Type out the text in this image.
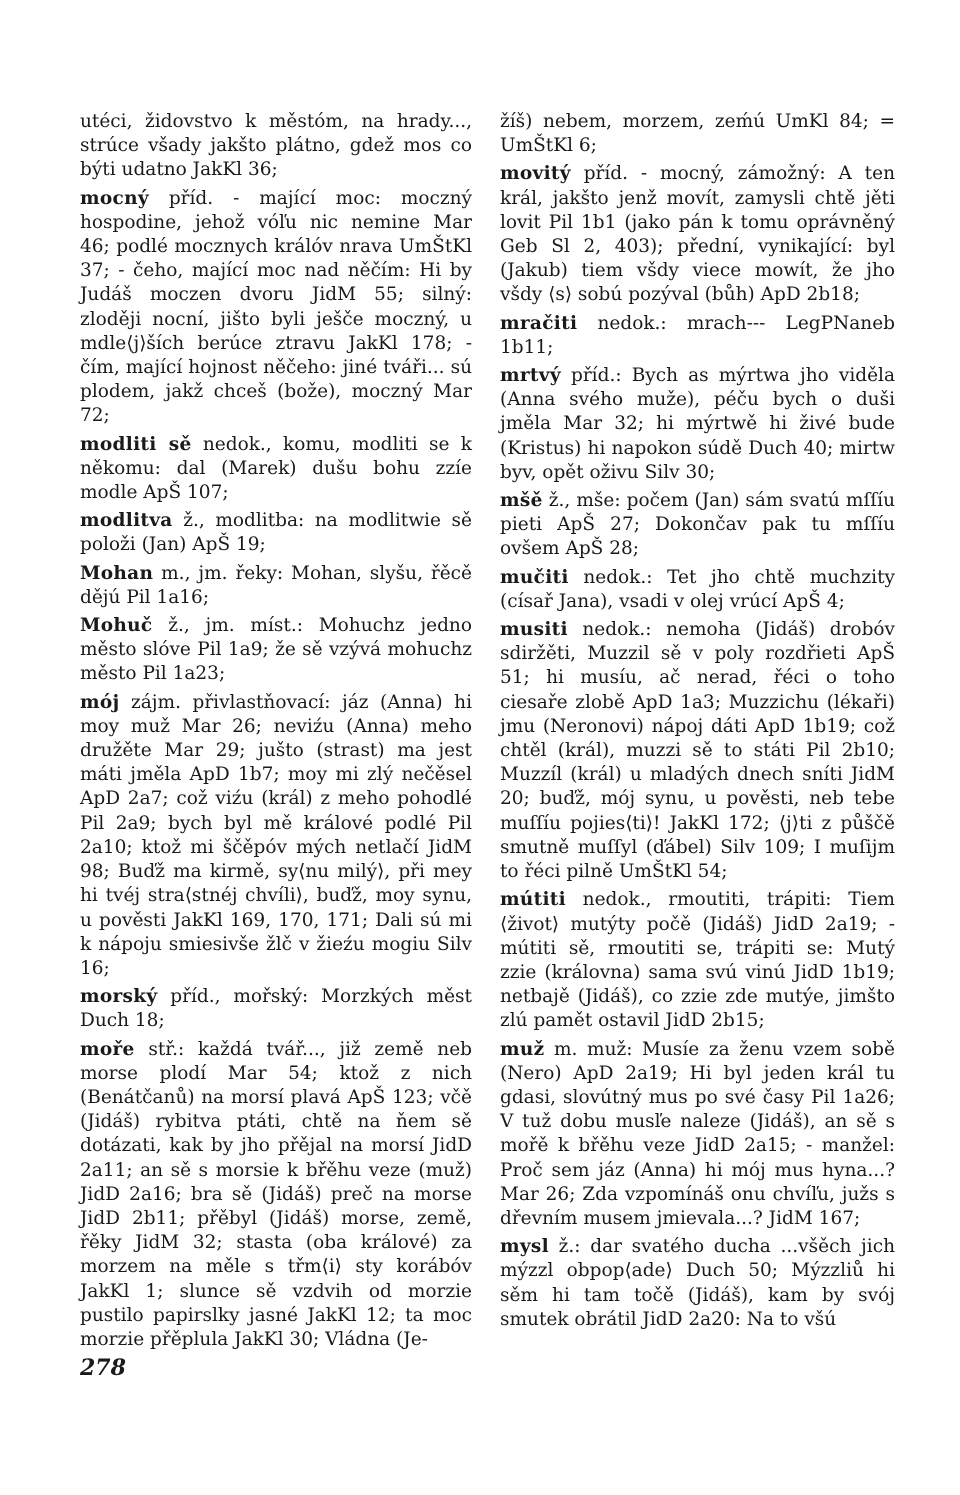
utéci, židovstvo k městóm, na hrady..., strúce všady jakšto plátno, gdež mos co býti udatno JakKl 36;

mocný příd. - mající moc: moczný hospodine, jehož vóľu nic nemine Mar 46; podlé mocznych králóv nrava UmŠtKl 37; - čeho, mající moc nad něčím: Hi by Judáš moczen dvoru JidM 55; silný: zloději nocní, jišto byli ješče moczný, u mdle⟨j⟩ších berúce ztravu JakKl 178; - čím, mající hojnost něčeho: jiné tváři... sú plodem, jakž chceš (bože), moczný Mar 72;

modliti sě nedok., komu, modliti se k někomu: dal (Marek) dušu bohu zzíe modle ApŠ 107;

modlitva ž., modlitba: na modlitwie sě položi (Jan) ApŠ 19;

Mohan m., jm. řeky: Mohan, slyšu, řěcě dějú Pil 1a16;

Mohuč ž., jm. míst.: Mohuchz jedno město slóve Pil 1a9; že sě vzývá mohuchz město Pil 1a23;

mój zájm. přivlastňovací: jáz (Anna) hi moy muž Mar 26; neviźu (Anna) meho družěte Mar 29; jušto (strast) ma jest máti jměla ApD 1b7; moy mi zlý nečěsel ApD 2a7; což viźu (král) z meho pohodlé Pil 2a9; bych byl mě králové podlé Pil 2a10; ktož mi ščěpóv mých netlačí JidM 98; Buďž ma kirmě, sy⟨nu milý⟩, při mey hi tvéj stra⟨stnéj chvíli⟩, buďž, moy synu, u pověsti JakKl 169, 170, 171; Dali sú mi k nápoju smiesivše žlč v žieźu mogiu Silv 16;

morský příd., mořský: Morzkých měst Duch 18;

moře stř.: každá tvář..., již země neb morse plodí Mar 54; ktož z nich (Benátčanů) na morsí plavá ApŠ 123; včě (Jidáš) rybitva ptáti, chtě na ňem sě dotázati, kak by jho přějal na morsí JidD 2a11; an sě s morsie k břěhu veze (muž) JidD 2a16; bra sě (Jidáš) preč na morse JidD 2b11; přěbyl (Jidáš) morse, země, řěky JidM 32; stasta (oba králové) za morzem na měle s třm⟨i⟩ sty korábóv JakKl 1; slunce sě vzdvih od morzie pustilo papirslky jasné JakKl 12; ta moc morzie přěplula JakKl 30; Vládna (Je-

žíš) nebem, morzem, zeḿú UmKl 84; = UmŠtKl 6;

movitý příd. - mocný, zámožný: A ten král, jakšto jenž movít, zamysli chtě jěti lovit Pil 1b1 (jako pán k tomu oprávněný Geb Sl 2, 403); přední, vynikající: byl (Jakub) tiem všdy viece mowít, že jho všdy ⟨s⟩ sobú pozýval (bůh) ApD 2b18;

mračiti nedok.: mrach--- LegPNaneb 1b11;

mrtvý příd.: Bych as mýrtwa jho viděla (Anna svého muže), péču bych o duši jměla Mar 32; hi mýrtwě hi živé bude (Kristus) hi napokon súdě Duch 40; mirtw byv, opět oživu Silv 30;

mšě ž., mše: počem (Jan) sám svatú mſſíu pieti ApŠ 27; Dokončav pak tu mſſíu ovšem ApŠ 28;

mučiti nedok.: Tet jho chtě muchzity (císař Jana), vsadi v olej vrúcí ApŠ 4;

musiti nedok.: nemoha (Jidáš) drobóv sdiržěti, Muzzil sě v poly rozdřieti ApŠ 51; hi musíu, ač nerad, řéci o toho ciesaře zlobě ApD 1a3; Muzzichu (lékaři) jmu (Neronovi) nápoj dáti ApD 1b19; což chtěl (král), muzzi sě to státi Pil 2b10; Muzzíl (král) u mladých dnech sníti JidM 20; buďž, mój synu, u pověsti, neb tebe muſſíu pojies⟨ti⟩! JakKl 172; ⟨j⟩ti z půščě smutně muſſyl (ďábel) Silv 109; I muſijm to řéci pilně UmŠtKl 54;

mútiti nedok., rmoutiti, trápiti: Tiem ⟨život⟩ mutýty počě (Jidáš) JidD 2a19; - mútiti sě, rmoutiti se, trápiti se: Mutý zzie (královna) sama svú vinú JidD 1b19; netbajě (Jidáš), co zzie zde mutýe, jimšto zlú pamět ostavil JidD 2b15;

muž m. muž: Musíe za ženu vzem sobě (Nero) ApD 2a19; Hi byl jeden král tu gdasi, slovútný mus po své časy Pil 1a26; V tuž dobu musľe naleze (Jidáš), an sě s mořě k břěhu veze JidD 2a15; - manžel: Proč sem jáz (Anna) hi mój mus hyna...? Mar 26; Zda vzpomínáš onu chvíľu, južs s dřevním musem jmievala...? JidM 167;

mysl ž.: dar svatého ducha ...všěch jich mýzzl obpop⟨ade⟩ Duch 50; Mýzzliů hi sěm hi tam točě (Jidáš), kam by svój smutek obrátil JidD 2a20: Na to všú

278
